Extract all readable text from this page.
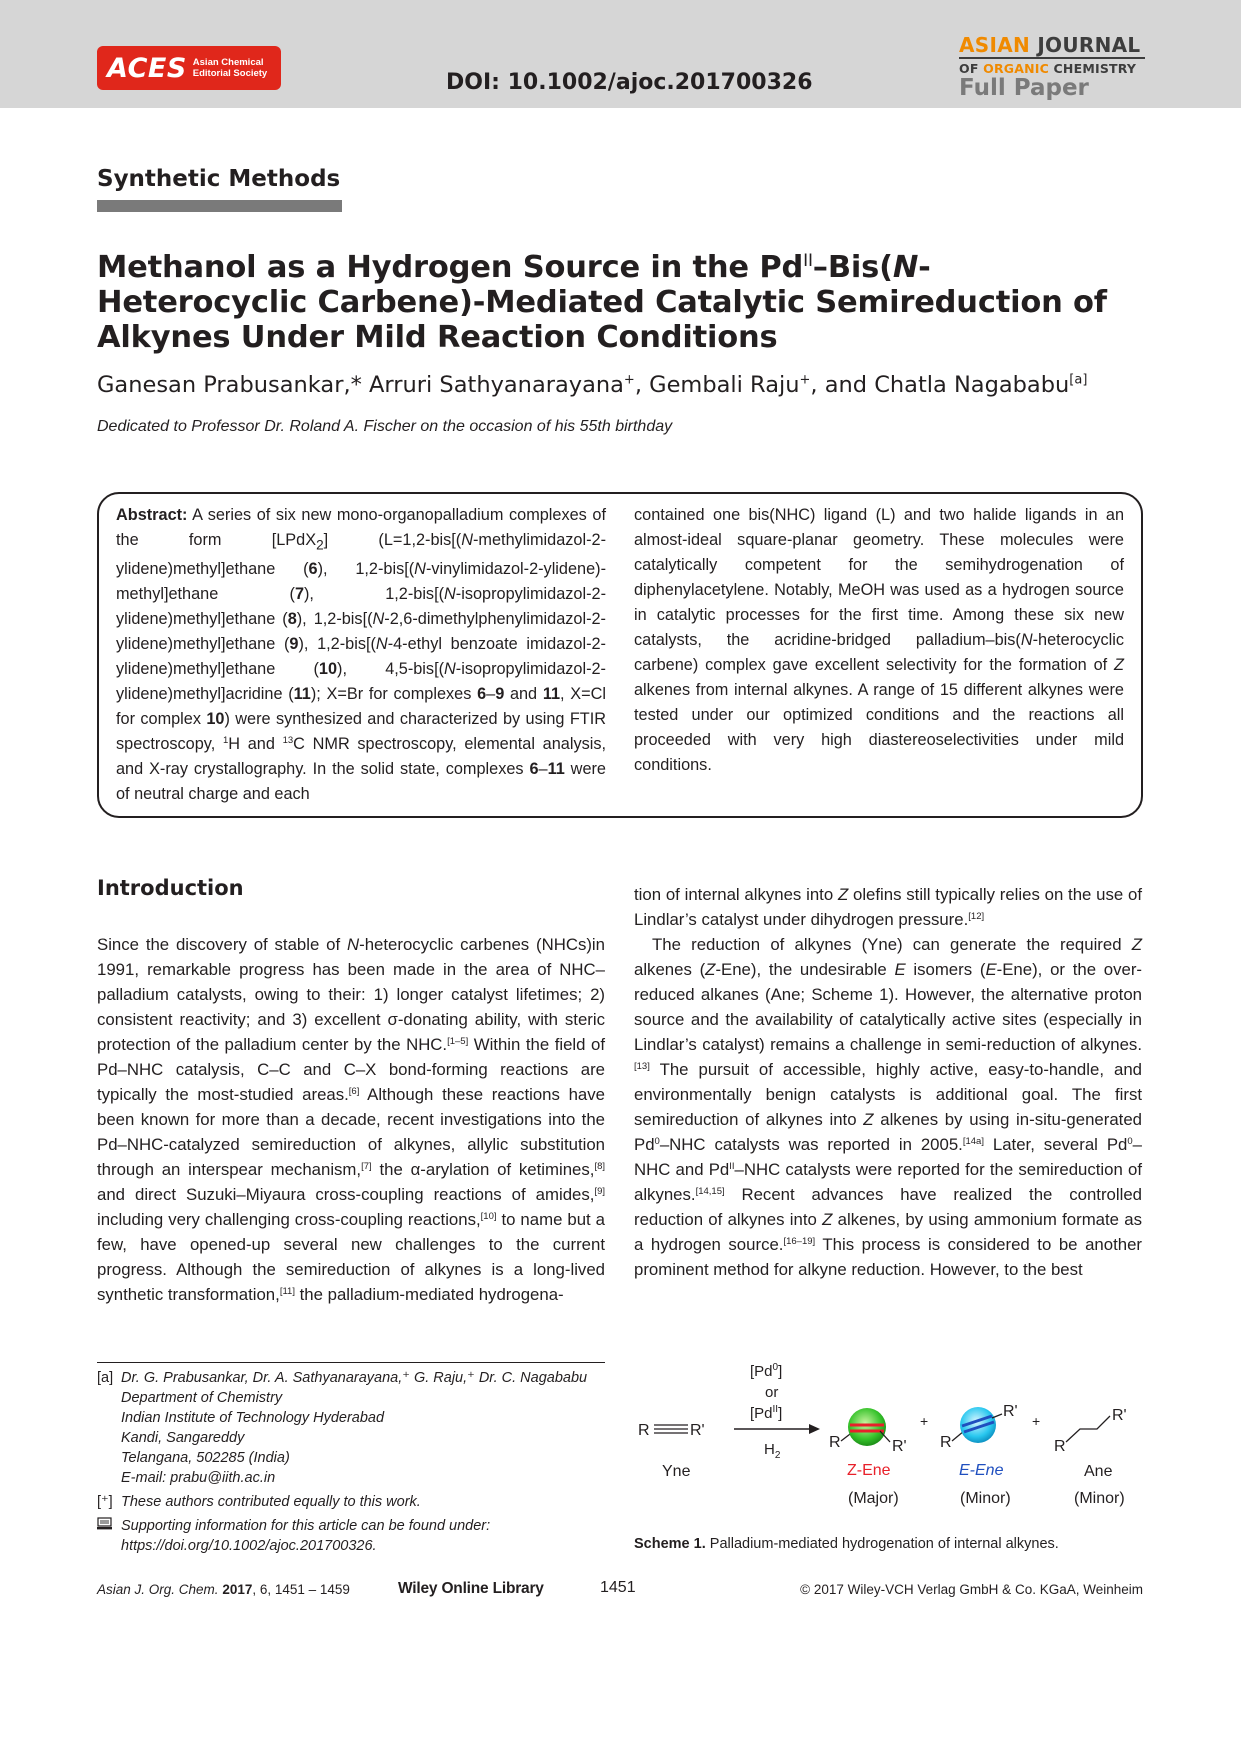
ACES Asian Chemical
Editorial Society	DOI: 10.1002/ajoc.201700326
ASIAN JOURNAL
OF ORGANIC CHEMISTRY
Full Paper
Synthetic Methods
Methanol as a Hydrogen Source in the $Pd^{II}-Bis(N$-Heterocyclic Carbene)-Mediated Catalytic Semireduction of Alkynes Under Mild Reaction Conditions
Ganesan Prabusankar,* Arruri Sathyanarayana+, Gembali Raju+, and Chatla Nagababu[a]
Dedicated to Professor Dr. Roland A. Fischer on the occasion of his 55th birthday
Abstract: A series of six new mono-organopalladium complexes of the form [LPdX$_2$] (L=1,2-bis[(N-methylimidazol-2-ylidene)methyl]ethane (6), 1,2-bis[(N-vinylimidazol-2-ylidene)-methyl]ethane (7), 1,2-bis[(N-isopropylimidazol-2-ylidene)methyl]ethane (8), 1,2-bis[(N-2,6-dimethylphenylimidazol-2-ylidene)methyl]ethane (9), 1,2-bis[(N-4-ethyl benzoate imidazol-2-ylidene)methyl]ethane (10), 4,5-bis[(N-isopropylimidazol-2-ylidene)methyl]acridine (11); X=Br for complexes 6–9 and 11, X=Cl for complex 10) were synthesized and characterized by using FTIR spectroscopy, $^1$H and $^{13}$C NMR spectroscopy, elemental analysis, and X-ray crystallography. In the solid state, complexes 6–11 were of neutral charge and each
contained one bis(NHC) ligand (L) and two halide ligands in an almost-ideal square-planar geometry. These molecules were catalytically competent for the semihydrogenation of diphenylacetylene. Notably, MeOH was used as a hydrogen source in catalytic processes for the first time. Among these six new catalysts, the acridine-bridged palladium–bis(N-heterocyclic carbene) complex gave excellent selectivity for the formation of Z alkenes from internal alkynes. A range of 15 different alkynes were tested under our optimized conditions and the reactions all proceeded with very high diastereoselectivities under mild conditions.
Introduction

Since the discovery of stable of N-heterocyclic carbenes (NHCs)in 1991, remarkable progress has been made in the area of NHC–palladium catalysts, owing to their: 1) longer catalyst lifetimes; 2) consistent reactivity; and 3) excellent σ-donating ability, with steric protection of the palladium center by the NHC.[1–5] Within the field of Pd–NHC catalysis, C–C and C–X bond-forming reactions are typically the most-studied areas.[6] Although these reactions have been known for more than a decade, recent investigations into the Pd–NHC-catalyzed semireduction of alkynes, allylic substitution through an interspear mechanism,[7] the α-arylation of ketimines,[8] and direct Suzuki–Miyaura cross-coupling reactions of amides,[9] including very challenging cross-coupling reactions,[10] to name but a few, have opened-up several new challenges to the current progress. Although the semireduction of alkynes is a long-lived synthetic transformation,[11] the palladium-mediated hydrogena-

tion of internal alkynes into Z olefins still typically relies on the use of Lindlar’s catalyst under dihydrogen pressure.[12]

The reduction of alkynes (Yne) can generate the required Z alkenes (Z-Ene), the undesirable E isomers (E-Ene), or the over-reduced alkanes (Ane; Scheme 1). However, the alternative proton source and the availability of catalytically active sites (especially in Lindlar’s catalyst) remains a challenge in semi-reduction of alkynes.[13] The pursuit of accessible, highly active, easy-to-handle, and environmentally benign catalysts is additional goal. The first semireduction of alkynes into Z alkenes by using in-situ-generated Pd$^0$–NHC catalysts was reported in 2005.[14a] Later, several Pd$^0$–NHC and Pd$^{II}$–NHC catalysts were reported for the semireduction of alkynes.[14,15] Recent advances have realized the controlled reduction of alkynes into Z alkenes, by using ammonium formate as a hydrogen source.[16–19] This process is considered to be another prominent method for alkyne reduction. However, to the best

[a] Dr. G. Prabusankar, Dr. A. Sathyanarayana,⁺ G. Raju,⁺ Dr. C. Nagababu
Department of Chemistry
Indian Institute of Technology Hyderabad
Kandi, Sangareddy
Telangana, 502285 (India)
E-mail: prabu@iith.ac.in
[⁺] These authors contributed equally to this work.
Supporting information for this article can be found under:
https://doi.org/10.1002/ajoc.201700326.
R	R'
Yne
[Pd$^0$]
or
$[Pd^{II}]$
$H_2$
R	R'
Z-Ene
(Major)
+
R
R'
E-Ene
(Minor)
+
R
R'
Ane
(Minor)
Scheme 1. Palladium-mediated hydrogenation of internal alkynes.
Asian J. Org. Chem. 2017, 6, 1451 – 1459	Wiley Online Library	1451	© 2017 Wiley-VCH Verlag GmbH & Co. KGaA, Weinheim
